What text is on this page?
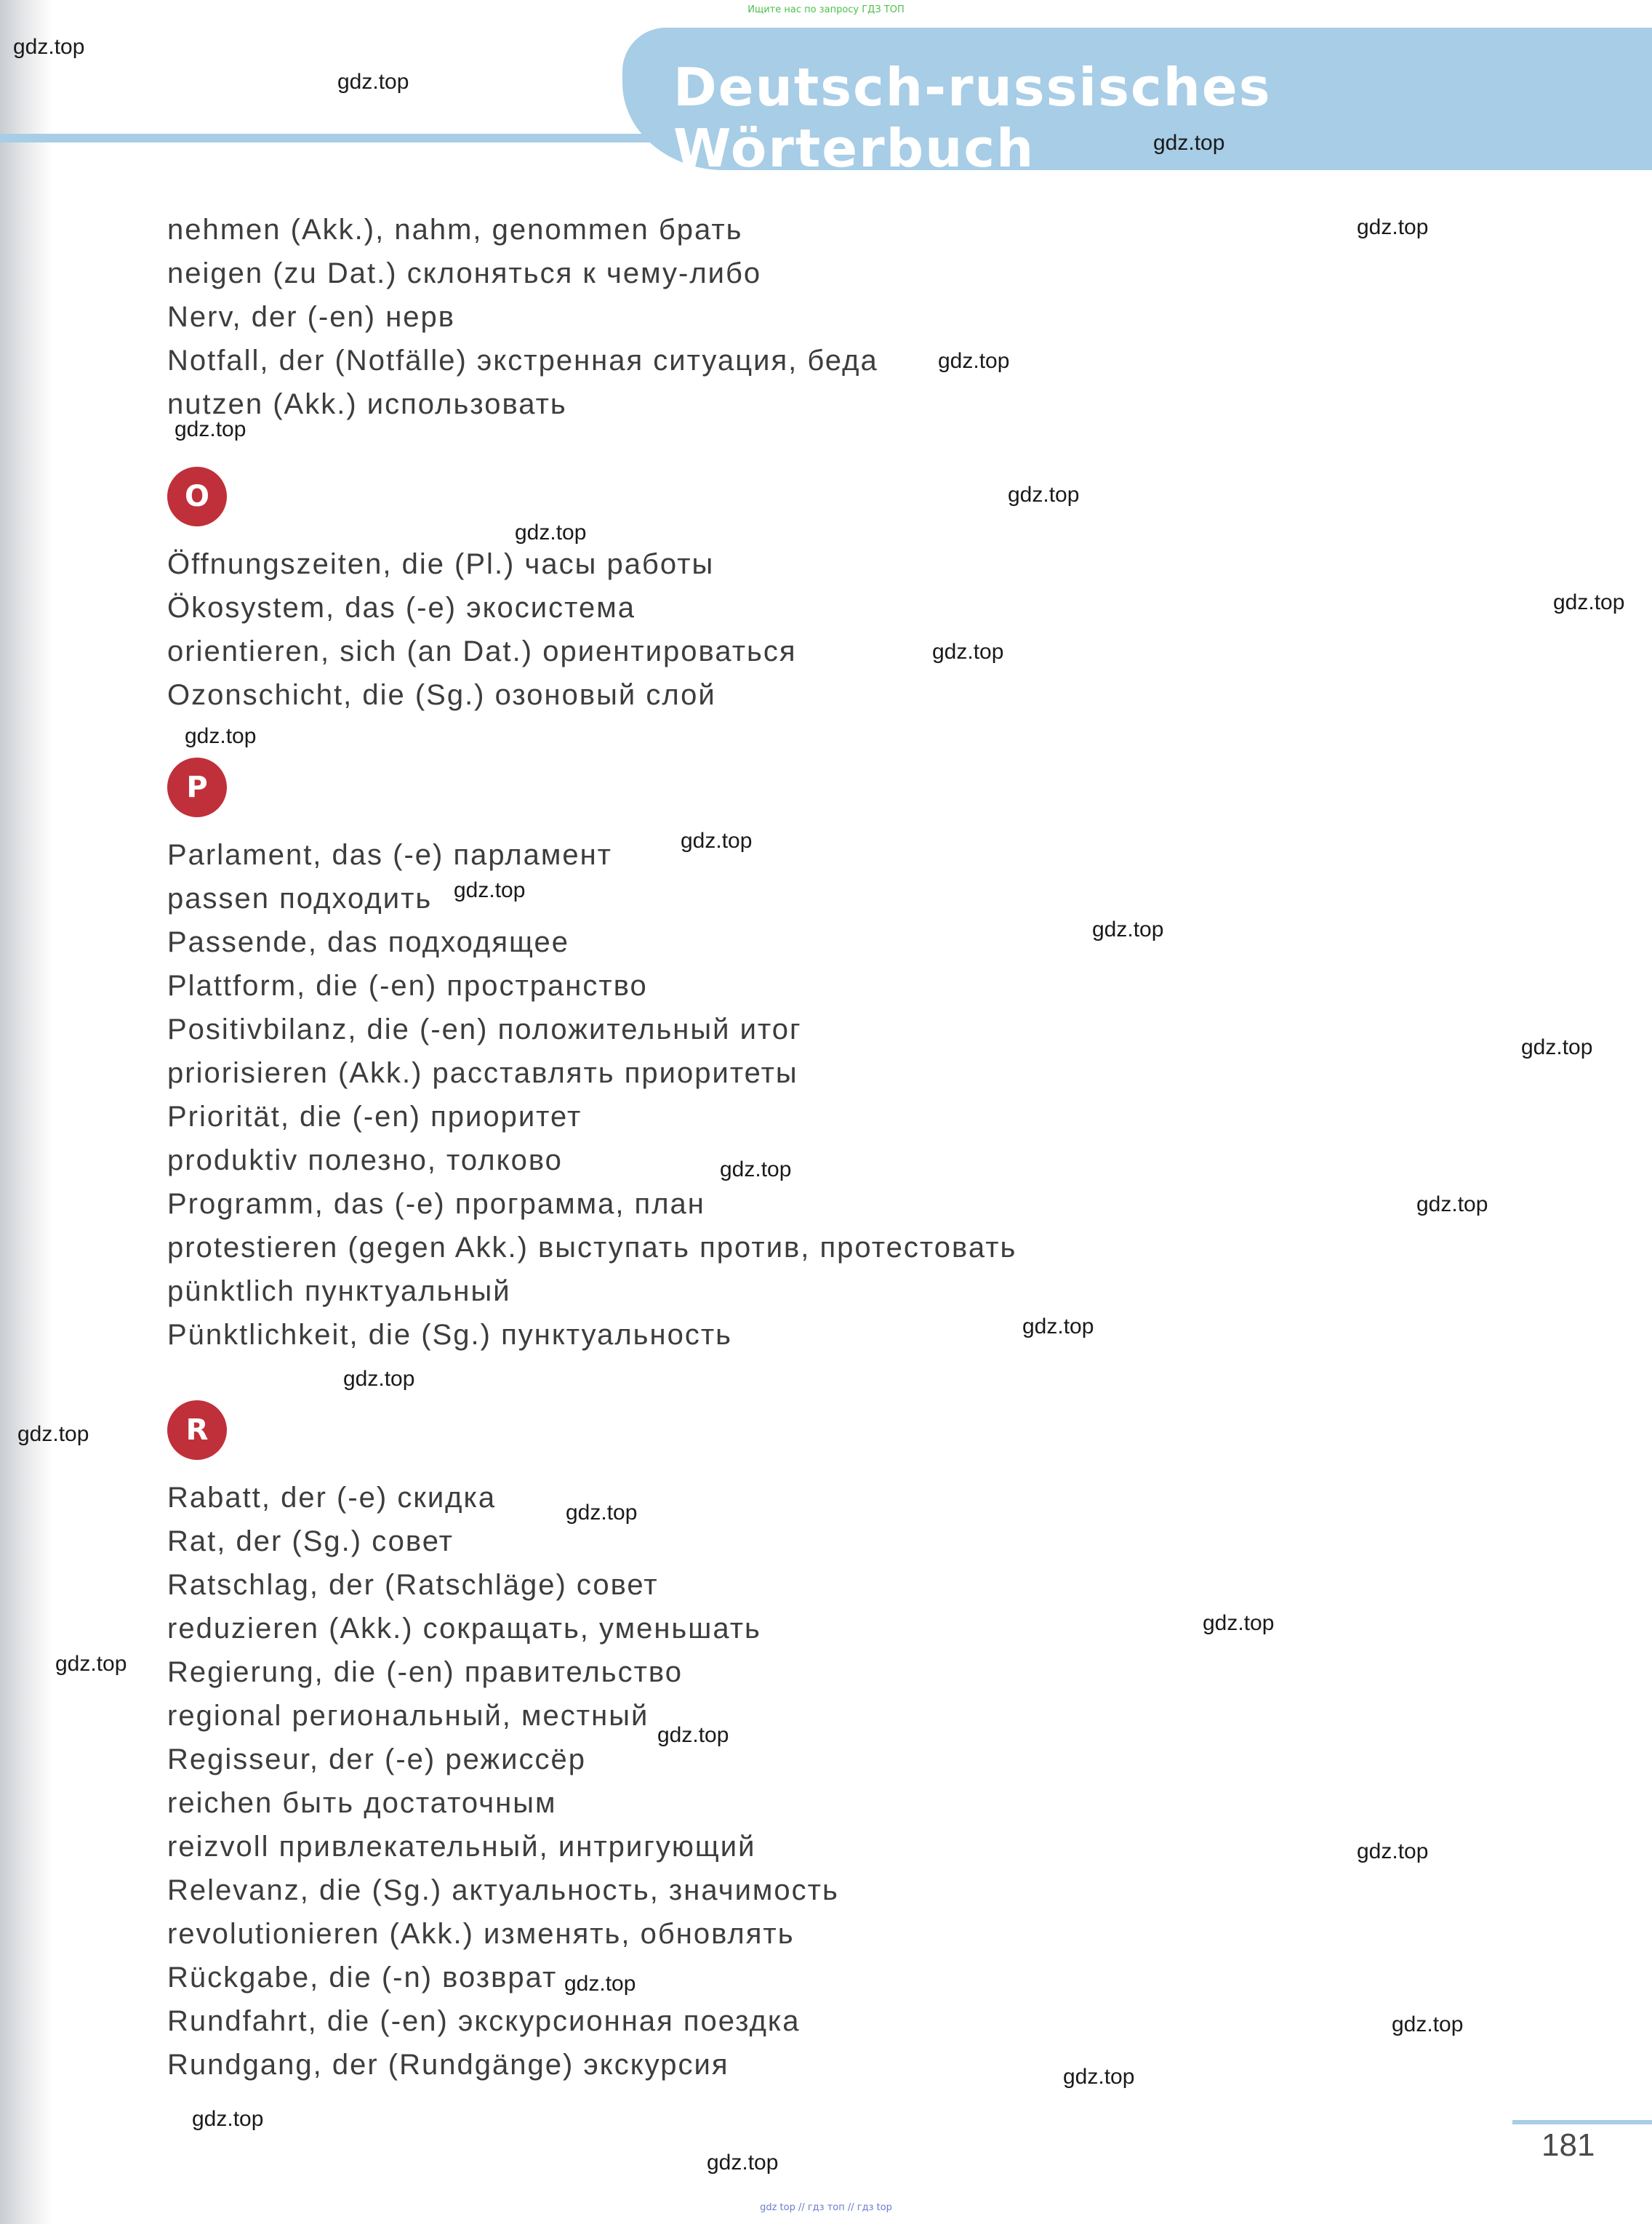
Ищите нас по запросу ГДЗ ТОП
Deutsch-russisches Wörterbuch
nehmen (Akk.), nahm, genommen брать
neigen (zu Dat.) склоняться к чему-либо
Nerv, der (-en) нерв
Notfall, der (Notfälle) экстренная ситуация, беда
nutzen (Akk.) использовать
O
Öffnungszeiten, die (Pl.) часы работы
Ökosystem, das (-e) экосистема
orientieren, sich (an Dat.) ориентироваться
Ozonschicht, die (Sg.) озоновый слой
P
Parlament, das (-e) парламент
passen подходить
Passende, das подходящее
Plattform, die (-en) пространство
Positivbilanz, die (-en) положительный итог
priorisieren (Akk.) расставлять приоритеты
Priorität, die (-en) приоритет
produktiv полезно, толково
Programm, das (-e) программа, план
protestieren (gegen Akk.) выступать против, протестовать
pünktlich пунктуальный
Pünktlichkeit, die (Sg.) пунктуальность
R
Rabatt, der (-e) скидка
Rat, der (Sg.) совет
Ratschlag, der (Ratschläge) совет
reduzieren (Akk.) сокращать, уменьшать
Regierung, die (-en) правительство
regional региональный, местный
Regisseur, der (-e) режиссёр
reichen быть достаточным
reizvoll привлекательный, интригующий
Relevanz, die (Sg.) актуальность, значимость
revolutionieren (Akk.) изменять, обновлять
Rückgabe, die (-n) возврат
Rundfahrt, die (-en) экскурсионная поездка
Rundgang, der (Rundgänge) экскурсия
gdz.top
gdz.top
gdz.top
gdz.top
gdz.top
gdz.top
gdz.top
gdz.top
gdz.top
gdz.top
gdz.top
gdz.top
gdz.top
gdz.top
gdz.top
gdz.top
gdz.top
gdz.top
gdz.top
gdz.top
gdz.top
gdz.top
gdz.top
gdz.top
gdz.top
gdz.top
gdz.top
gdz.top
gdz.top
gdz.top	181
gdz top // гдз топ // гдз top
